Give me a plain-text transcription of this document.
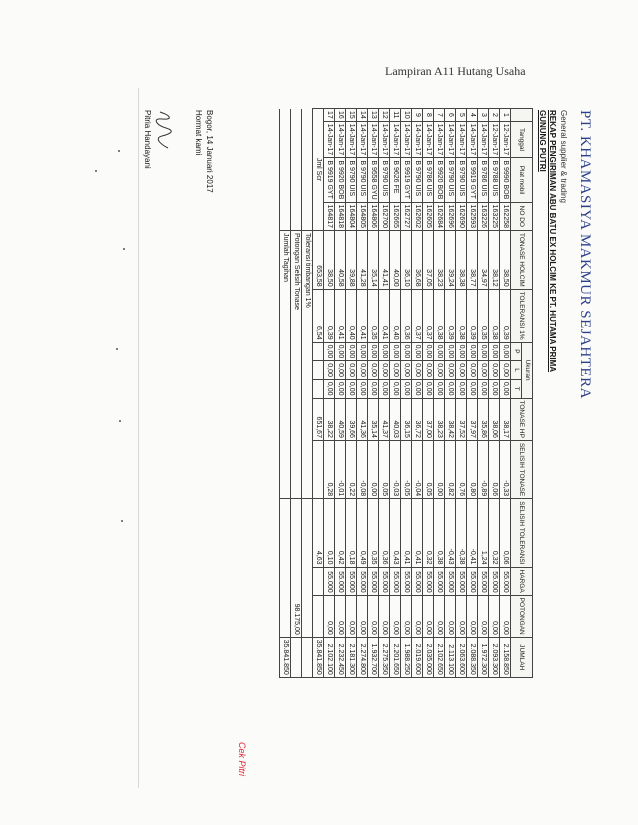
Lampiran A11 Hutang Usaha
PT. KHAMASIYA MAKMUR SEJAHTERA
General supplier & trading
REKAP PENGIRIMAN ABU BATU EX HOLCIM KE PT. HUTAMA PRIMA
GUNUNG PUTRI
	Tanggal	Plat mobil	NO DO	TONASE HOLCIM	TOLERANSI 1%	Ukuran			TONASE HP	SELISIH TONASE	SELISIH TOLERANSI	HARGA	POTONGAN	JUMLAH
						P	L	T						
1	12-Jan-17	B 9990 BOB	162258	38,50	0,39	0,00	0,00	0,00	38,17	-0,33	0,06	55.000	0,00	2.158.850
2	12-Jan-17	B 9788 UIS	163225	38,12	0,38	0,00	0,00	0,00	38,06	0,06	0,32	55.000	0,00	2.093.300
3	14-Jan-17	B 9786 UIS	163226	34,97	0,35	0,00	0,00	0,00	35,86	-0,89	1,24	55.000	0,00	1.972.300
4	14-Jan-17	B 9919 GYT	162593	38,77	0,39	0,00	0,00	0,00	37,97	0,80	-0,41	55.000	0,00	2.088.350
5	14-Jan-17	B 9790 UIS	162690	38,38	0,38	0,00	0,00	0,00	37,52	0,76	-0,38	55.000	0,00	2.063.600
6	14-Jan-17	B 9790 UIS	162696	39,24	0,39	0,00	0,00	0,00	38,42	0,82	-0,43	55.000	0,00	2.113.100
7	14-Jan-17	B 9920 BOB	162684	38,23	0,38	0,00	0,00	0,00	38,23	0,00	0,38	55.000	0,00	2.102.650
8	14-Jan-17	B 9786 UIS	162605	37,05	0,37	0,00	0,00	0,00	37,00	0,05	0,32	55.000	0,00	2.035.000
9	14-Jan-17	B 9790 UIS	162602	36,68	0,37	0,00	0,00	0,00	36,72	-0,04	0,41	55.000	0,00	2.019.600
10	14-Jan-17	B 9919 GYT	162727	36,10	0,36	0,00	0,00	0,00	36,15	-0,05	0,41	55.000	0,00	1.988.250
11	14-Jan-17	B 9626 FE	162665	40,00	0,40	0,00	0,00	0,00	40,03	-0,03	0,43	55.000	0,00	2.201.650
12	14-Jan-17	B 9790 UIS	162700	41,41	0,41	0,00	0,00	0,00	41,37	0,05	0,36	55.000	0,00	2.275.350
13	14-Jan-17	B 9558 GYU	164806	35,14	0,35	0,00	0,00	0,00	35,14	0,00	0,35	55.000	0,00	1.932.700
14	14-Jan-17	B 9790 UIS	164805	41,28	0,41	0,00	0,00	0,00	41,36	-0,08	0,49	55.000	0,00	2.274.800
15	14-Jan-17	B 9790 UIS	164804	39,88	0,40	0,00	0,00	0,00	39,66	0,22	0,18	55.000	0,00	2.181.300
16	14-Jan-17	B 9920 BOB	164818	40,58	0,41	0,00	0,00	0,00	40,59	-0,01	0,42	55.000	0,00	2.232.450
17	14-Jan-17	B 9919 GYT	164817	38,50	0,39	0,00	0,00	0,00	38,22	0,28	0,10	55.000	0,00	2.102.100
Jml Scr				653,58	6,54				651,67		4,63			35.841.850
				Toleransi timbangan 1%										
				Potongan Selisih Tonase							98.175,00			
				Jumlah Tagihan										35.841.850
Bogor, 14 Januari 2017
Hormat kami
Pitria Handayani
Cek Pitri
